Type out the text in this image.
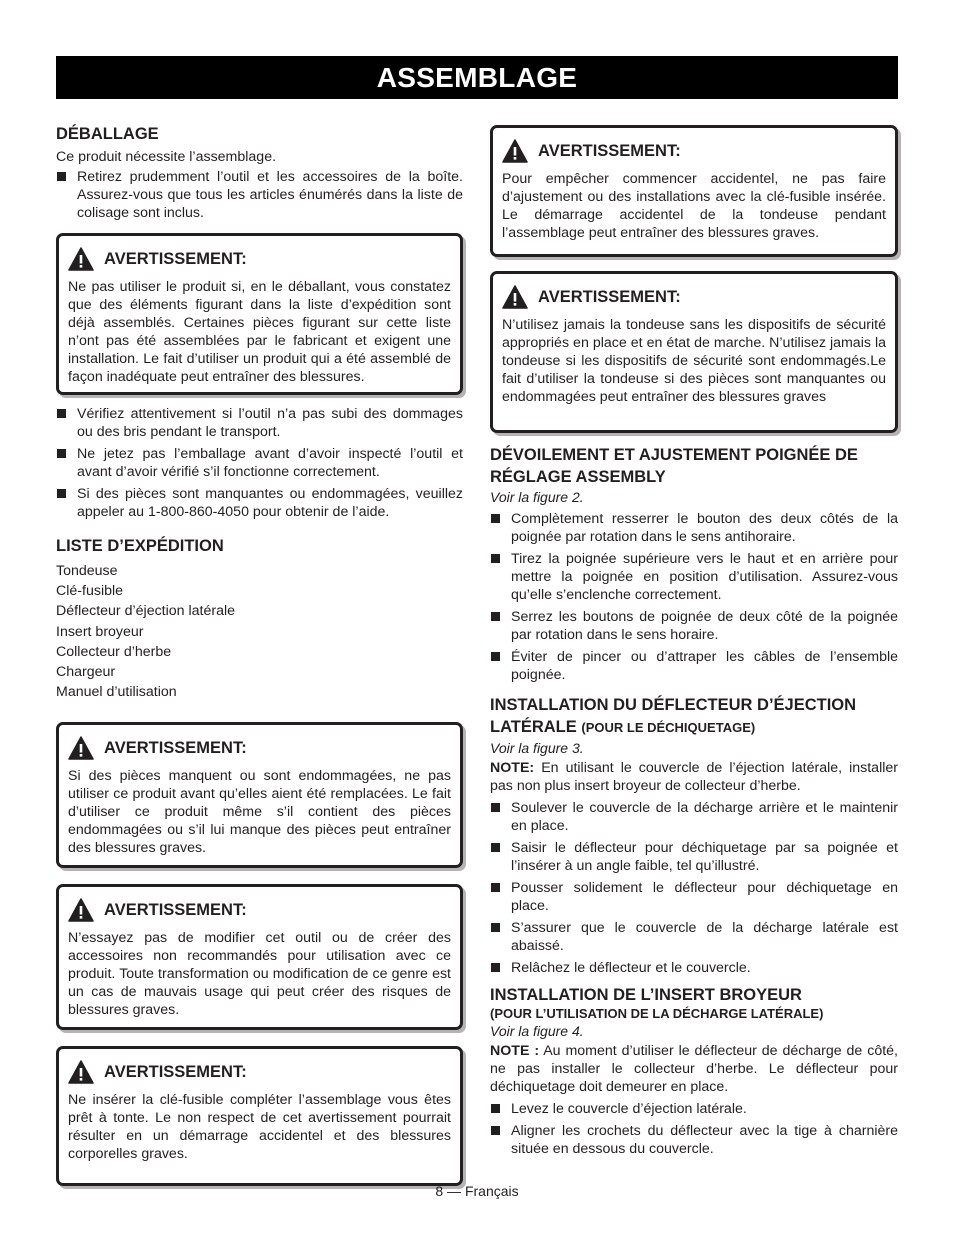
ASSEMBLAGE
DÉBALLAGE

Ce produit nécessite l’assemblage.

Retirez prudemment l’outil et les accessoires de la boîte. Assurez-vous que tous les articles énumérés dans la liste de colisage sont inclus.
AVERTISSEMENT:

Ne pas utiliser le produit si, en le déballant, vous constatez que des éléments figurant dans la liste d’expédition sont déjà assemblés. Certaines pièces figurant sur cette liste n’ont pas été assemblées par le fabricant et exigent une installation. Le fait d’utiliser un produit qui a été assemblé de façon inadéquate peut entraîner des blessures.

Vérifiez attentivement si l’outil n’a pas subi des dommages ou des bris pendant le transport.
Ne jetez pas l’emballage avant d’avoir inspecté l’outil et avant d’avoir vérifié s’il fonctionne correctement.
Si des pièces sont manquantes ou endommagées, veuillez appeler au 1-800-860-4050 pour obtenir de l’aide.
LISTE D’EXPÉDITION
Tondeuse
Clé-fusible
Déflecteur d’éjection latérale
Insert broyeur
Collecteur d’herbe
Chargeur
Manuel d’utilisation
AVERTISSEMENT:

Si des pièces manquent ou sont endommagées, ne pas utiliser ce produit avant qu’elles aient été remplacées. Le fait d’utiliser ce produit même s’il contient des pièces endommagées ou s’il lui manque des pièces peut entraîner des blessures graves.

AVERTISSEMENT:

N’essayez pas de modifier cet outil ou de créer des accessoires non recommandés pour utilisation avec ce produit. Toute transformation ou modification de ce genre est un cas de mauvais usage qui peut créer des risques de blessures graves.

AVERTISSEMENT:

Ne insérer la clé-fusible compléter l’assemblage vous êtes prêt à tonte. Le non respect de cet avertissement pourrait résulter en un démarrage accidentel et des blessures corporelles graves.

AVERTISSEMENT:

Pour empêcher commencer accidentel, ne pas faire d’ajustement ou des installations avec la clé-fusible insérée. Le démarrage accidentel de la tondeuse pendant l’assemblage peut entraîner des blessures graves.

AVERTISSEMENT:

N’utilisez jamais la tondeuse sans les dispositifs de sécurité appropriés en place et en état de marche. N’utilisez jamais la tondeuse si les dispositifs de sécurité sont endommagés.Le fait d’utiliser la tondeuse si des pièces sont manquantes ou endommagées peut entraîner des blessures graves

DÉVOILEMENT ET AJUSTEMENT POIGNÉE DE RÉGLAGE ASSEMBLY
Voir la figure 2.
Complètement resserrer le bouton des deux côtés de la poignée par rotation dans le sens antihoraire.
Tirez la poignée supérieure vers le haut et en arrière pour mettre la poignée en position d’utilisation. Assurez-vous qu’elle s’enclenche correctement.
Serrez les boutons de poignée de deux côté de la poignée par rotation dans le sens horaire.
Éviter de pincer ou d’attraper les câbles de l’ensemble poignée.
INSTALLATION DU DÉFLECTEUR D’ÉJECTION LATÉRALE (POUR LE DÉCHIQUETAGE)
Voir la figure 3.

NOTE: En utilisant le couvercle de l’éjection latérale, installer pas non plus insert broyeur de collecteur d’herbe.

Soulever le couvercle de la décharge arrière et le maintenir en place.
Saisir le déflecteur pour déchiquetage par sa poignée et l’insérer à un angle faible, tel qu’illustré.
Pousser solidement le déflecteur pour déchiquetage en place.
S’assurer que le couvercle de la décharge latérale est abaissé.
Relâchez le déflecteur et le couvercle.
INSTALLATION DE L’INSERT BROYEUR
(POUR L’UTILISATION DE LA DÉCHARGE LATÉRALE)
Voir la figure 4.

NOTE : Au moment d’utiliser le déflecteur de décharge de côté, ne pas installer le collecteur d’herbe. Le déflecteur pour déchiquetage doit demeurer en place.

Levez le couvercle d’éjection latérale.
Aligner les crochets du déflecteur avec la tige à charnière située en dessous du couvercle.
8 — Français
